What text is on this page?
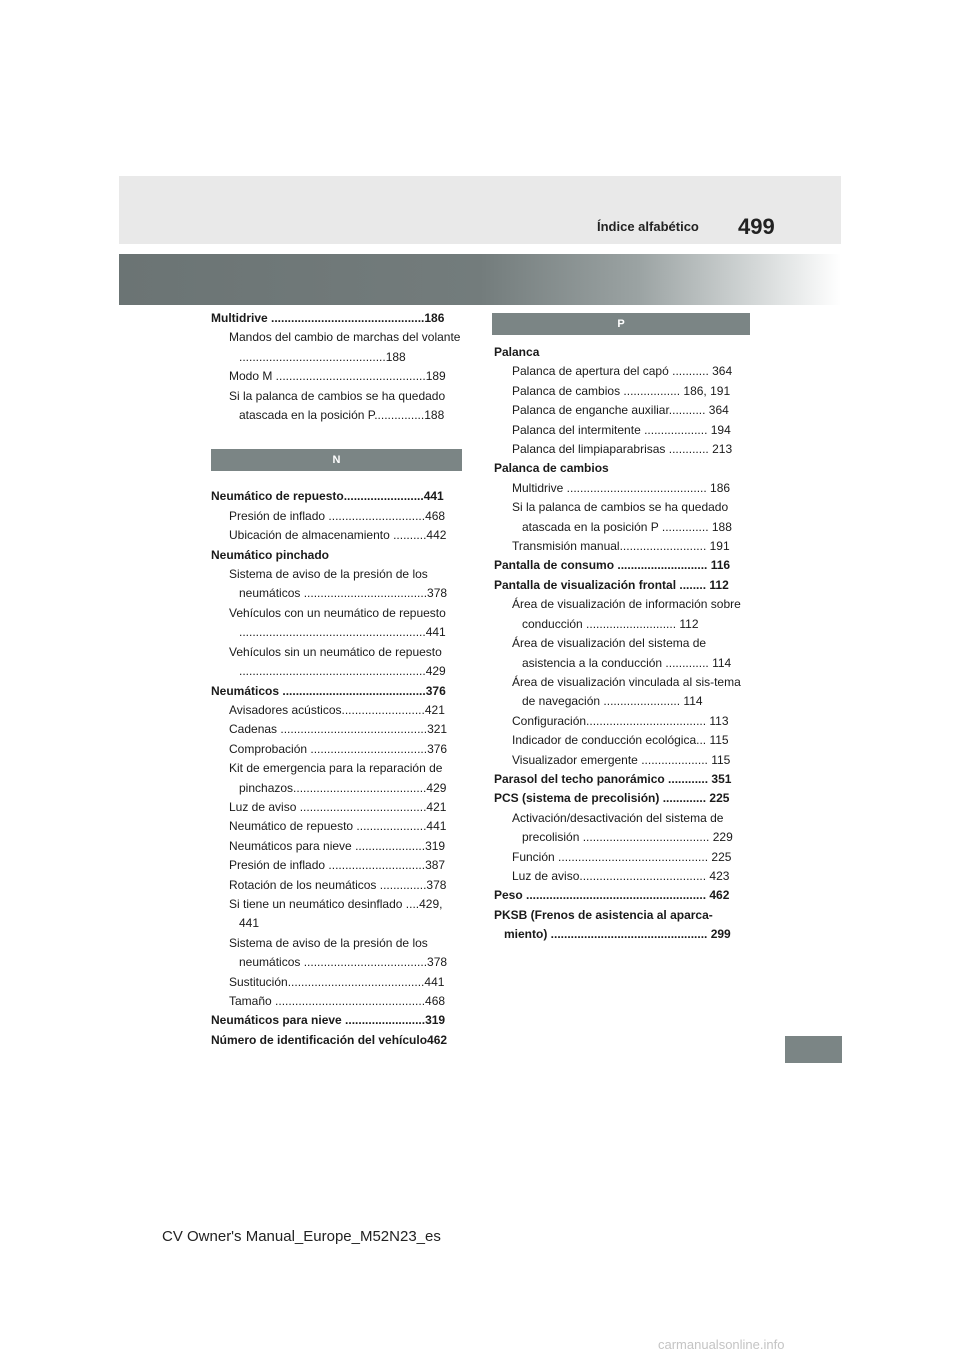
Índice alfabético 499
Multidrive ..............................................186
Mandos del cambio de marchas del volante ............................................188
Modo M .............................................189
Si la palanca de cambios se ha quedado atascada en la posición P...............188
N
Neumático de repuesto........................441
Presión de inflado .............................468
Ubicación de almacenamiento ..........442
Neumático pinchado
Sistema de aviso de la presión de los neumáticos .....................................378
Vehículos con un neumático de repuesto ........................................................441
Vehículos sin un neumático de repuesto ........................................................429
Neumáticos ...........................................376
Avisadores acústicos.........................421
Cadenas ............................................321
Comprobación ...................................376
Kit de emergencia para la reparación de pinchazos........................................429
Luz de aviso ......................................421
Neumático de repuesto .....................441
Neumáticos para nieve .....................319
Presión de inflado .............................387
Rotación de los neumáticos ..............378
Si tiene un neumático desinflado ....429, 441
Sistema de aviso de la presión de los neumáticos .....................................378
Sustitución.........................................441
Tamaño .............................................468
Neumáticos para nieve ........................319
Número de identificación del vehículo462
P
Palanca
Palanca de apertura del capó ........... 364
Palanca de cambios ................. 186, 191
Palanca de enganche auxiliar........... 364
Palanca del intermitente ................... 194
Palanca del limpiaparabrisas ............ 213
Palanca de cambios
Multidrive .......................................... 186
Si la palanca de cambios se ha quedado atascada en la posición P .............. 188
Transmisión manual.......................... 191
Pantalla de consumo ........................... 116
Pantalla de visualización frontal ........ 112
Área de visualización de información sobre conducción ........................... 112
Área de visualización del sistema de asistencia a la conducción ............. 114
Área de visualización vinculada al sis-tema de navegación ....................... 114
Configuración.................................... 113
Indicador de conducción ecológica... 115
Visualizador emergente .................... 115
Parasol del techo panorámico ............ 351
PCS (sistema de precolisión) ............. 225
Activación/desactivación del sistema de precolisión ...................................... 229
Función ............................................. 225
Luz de aviso...................................... 423
Peso ...................................................... 462
PKSB (Frenos de asistencia al aparca-miento) ............................................... 299
CV Owner's Manual_Europe_M52N23_es
carmanualsonline.info
